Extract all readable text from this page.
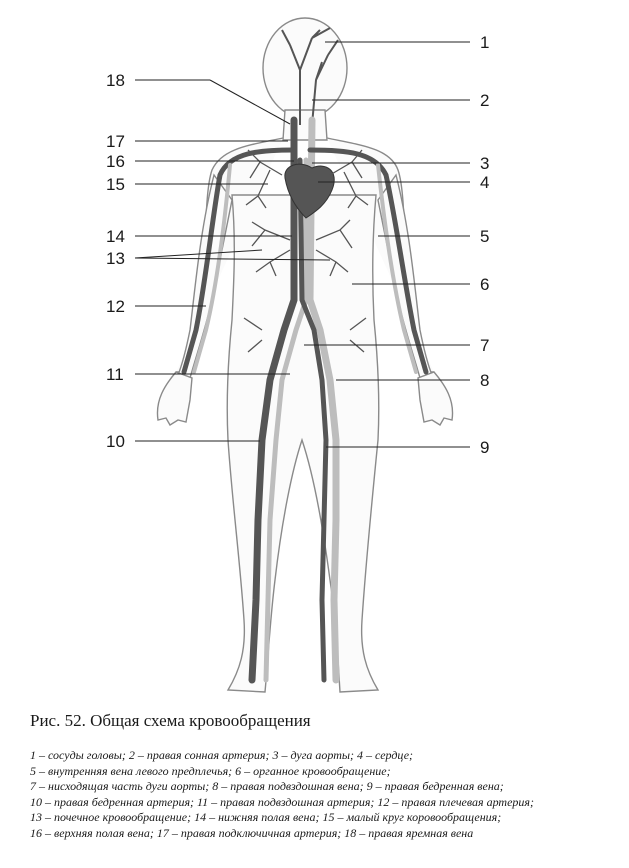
1
2
3
4
5
6
7
8
9
10
11
12
13
14
15
16
17
18
Рис. 52. Общая схема кровообращения
1 – сосуды головы; 2 – правая сонная артерия; 3 – дуга аорты; 4 – сердце;
5 – внутренняя вена левого предплечья; 6 – органное кровообращение;
7 – нисходящая часть дуги аорты; 8 – правая подвздошная вена; 9 – правая бедренная вена;
10 – правая бедренная артерия; 11 – правая подвздошная артерия; 12 – правая плечевая артерия;
13 – почечное кровообращение; 14 – нижняя полая вена; 15 – малый круг коровообращения;
16 – верхняя полая вена; 17 – правая подключичная артерия; 18 – правая яремная вена
